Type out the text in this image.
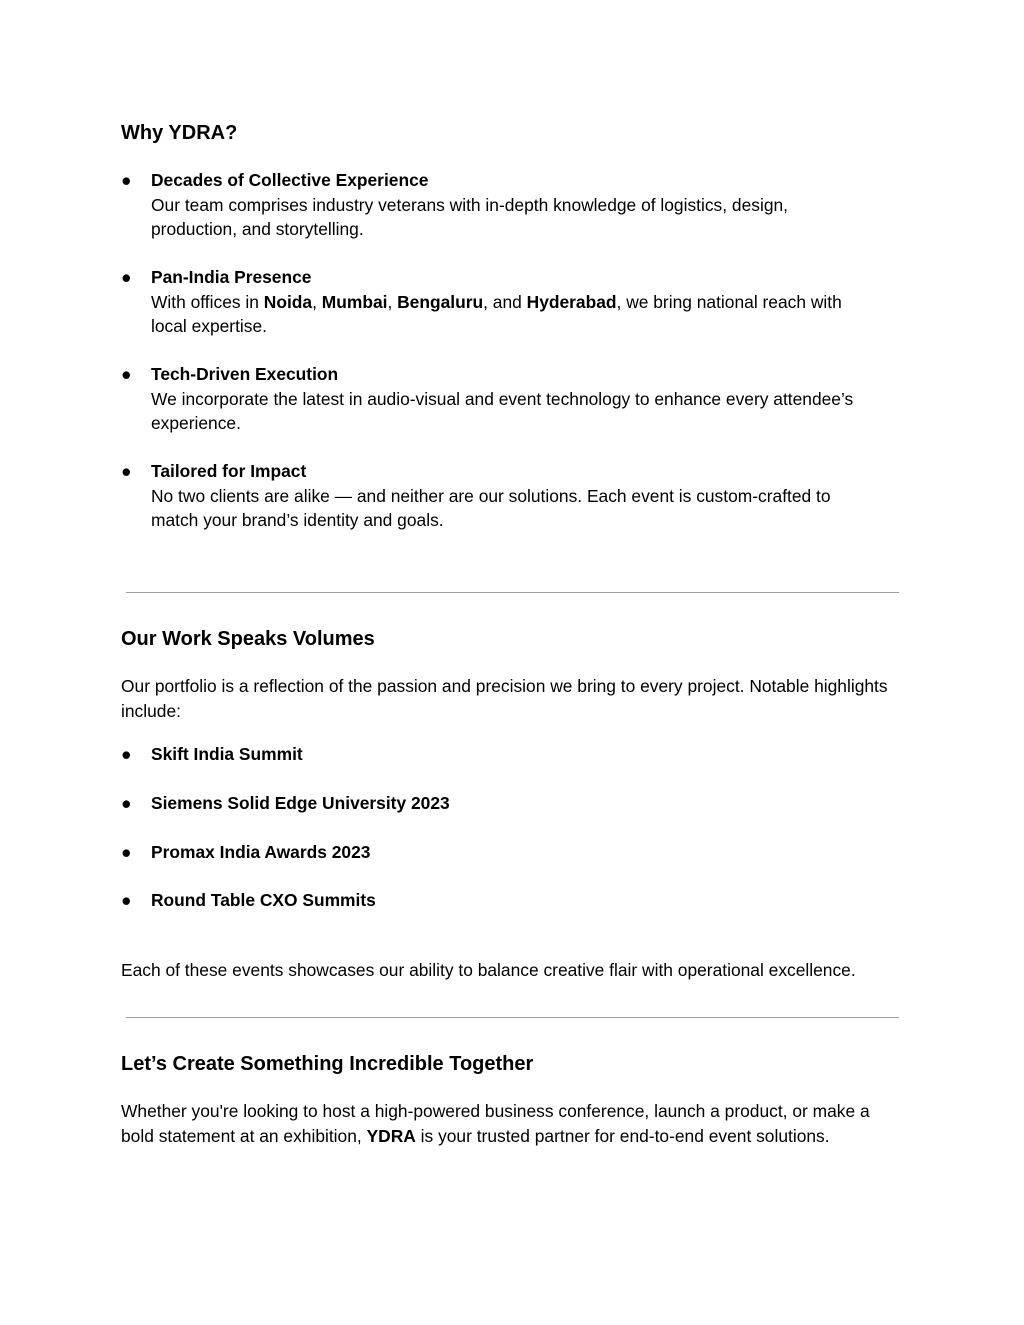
Why YDRA?
●	Decades of Collective Experience
Our team comprises industry veterans with in-depth knowledge of logistics, design, production, and storytelling.
●	Pan-India Presence
With offices in Noida, Mumbai, Bengaluru, and Hyderabad, we bring national reach with local expertise.
●	Tech-Driven Execution
We incorporate the latest in audio-visual and event technology to enhance every attendee’s experience.
●	Tailored for Impact
No two clients are alike — and neither are our solutions. Each event is custom-crafted to match your brand’s identity and goals.
Our Work Speaks Volumes

Our portfolio is a reflection of the passion and precision we bring to every project. Notable highlights include:

●	Skift India Summit
●	Siemens Solid Edge University 2023
●	Promax India Awards 2023
●	Round Table CXO Summits

Each of these events showcases our ability to balance creative flair with operational excellence.

Let’s Create Something Incredible Together

Whether you're looking to host a high-powered business conference, launch a product, or make a bold statement at an exhibition, YDRA is your trusted partner for end-to-end event solutions.
